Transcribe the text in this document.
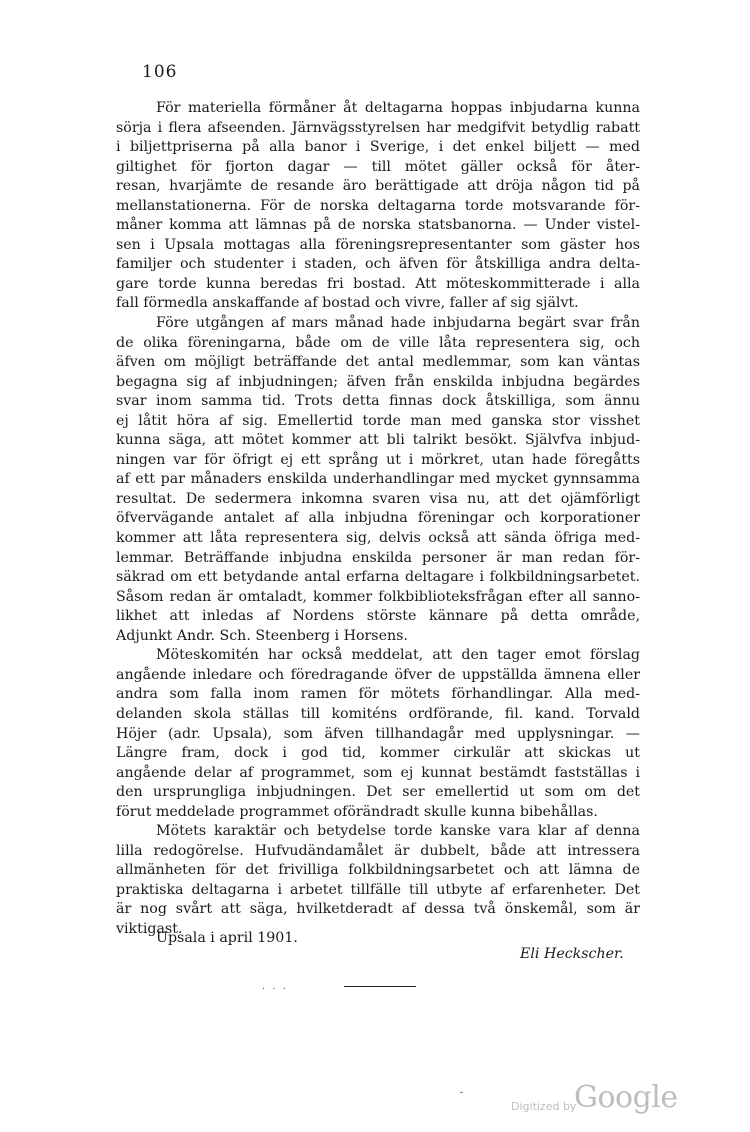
106
För materiella förmåner åt deltagarna hoppas inbjudarna kunna
sörja i flera afseenden. Järnvägsstyrelsen har medgifvit betydlig rabatt
i biljettpriserna på alla banor i Sverige, i det enkel biljett — med
giltighet för fjorton dagar — till mötet gäller också för åter-
resan, hvarjämte de resande äro berättigade att dröja någon tid på
mellanstationerna. För de norska deltagarna torde motsvarande för-
måner komma att lämnas på de norska statsbanorna. — Under vistel-
sen i Upsala mottagas alla föreningsrepresentanter som gäster hos
familjer och studenter i staden, och äfven för åtskilliga andra delta-
gare torde kunna beredas fri bostad. Att möteskommitterade i alla
fall förmedla anskaffande af bostad och vivre, faller af sig självt.
Före utgången af mars månad hade inbjudarna begärt svar från
de olika föreningarna, både om de ville låta representera sig, och
äfven om möjligt beträffande det antal medlemmar, som kan väntas
begagna sig af inbjudningen; äfven från enskilda inbjudna begärdes
svar inom samma tid. Trots detta finnas dock åtskilliga, som ännu
ej låtit höra af sig. Emellertid torde man med ganska stor visshet
kunna säga, att mötet kommer att bli talrikt besökt. Självfva inbjud-
ningen var för öfrigt ej ett språng ut i mörkret, utan hade föregåtts
af ett par månaders enskilda underhandlingar med mycket gynnsamma
resultat. De sedermera inkomna svaren visa nu, att det ojämförligt
öfvervägande antalet af alla inbjudna föreningar och korporationer
kommer att låta representera sig, delvis också att sända öfriga med-
lemmar. Beträffande inbjudna enskilda personer är man redan för-
säkrad om ett betydande antal erfarna deltagare i folkbildningsarbetet.
Såsom redan är omtaladt, kommer folkbiblioteksfrågan efter all sanno-
likhet att inledas af Nordens störste kännare på detta område,
Adjunkt Andr. Sch. Steenberg i Horsens.
Möteskomitén har också meddelat, att den tager emot förslag
angående inledare och föredragande öfver de uppställda ämnena eller
andra som falla inom ramen för mötets förhandlingar. Alla med-
delanden skola ställas till komiténs ordförande, fil. kand. Torvald
Höjer (adr. Upsala), som äfven tillhandagår med upplysningar. —
Längre fram, dock i god tid, kommer cirkulär att skickas ut
angående delar af programmet, som ej kunnat bestämdt fastställas i
den ursprungliga inbjudningen. Det ser emellertid ut som om det
förut meddelade programmet oförändradt skulle kunna bibehållas.
Mötets karaktär och betydelse torde kanske vara klar af denna
lilla redogörelse. Hufvudändamålet är dubbelt, både att intressera
allmänheten för det frivilliga folkbildningsarbetet och att lämna de
praktiska deltagarna i arbetet tillfälle till utbyte af erfarenheter. Det
är nog svårt att säga, hvilketderadt af dessa två önskemål, som är
viktigast.
Upsala i april 1901.
Eli Heckscher.
· · ·
˘
Digitized by
Google
